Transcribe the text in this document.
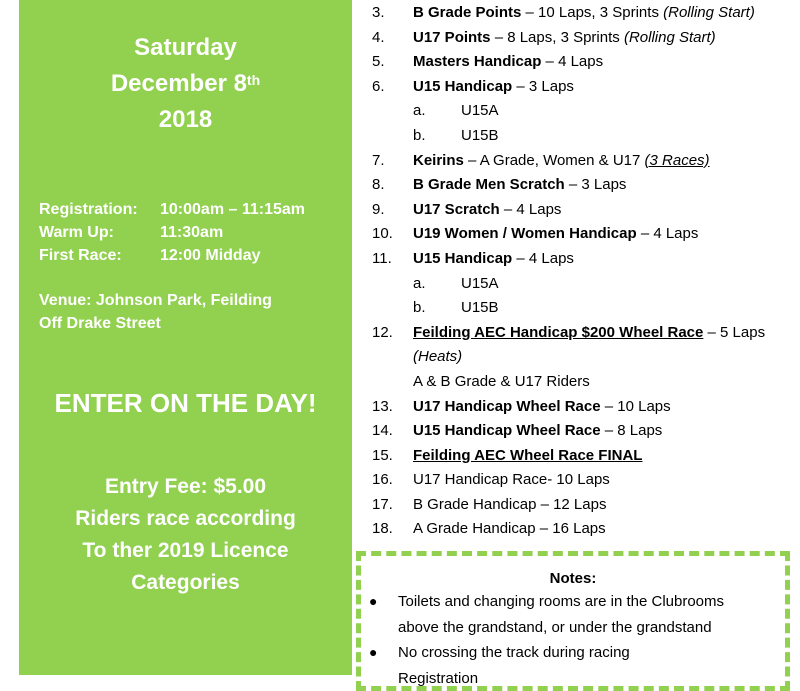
Saturday
December 8th
2018
Registration:	10:00am – 11:15am
Warm Up:	11:30am
First Race:	12:00 Midday
Venue: Johnson Park, Feilding
Off Drake Street
ENTER ON THE DAY!
Entry Fee: $5.00
Riders race according
To ther 2019 Licence
Categories
3.	B Grade Points – 10 Laps, 3 Sprints (Rolling Start)
4.	U17 Points – 8 Laps, 3 Sprints (Rolling Start)
5.	Masters Handicap – 4 Laps
6.	U15 Handicap – 3 Laps
a.	U15A
b.	U15B
7.	Keirins – A Grade, Women & U17 (3 Races)
8.	B Grade Men Scratch – 3 Laps
9.	U17 Scratch – 4 Laps
10.	U19 Women / Women Handicap – 4 Laps
11.	U15 Handicap – 4 Laps
a.	U15A
b.	U15B
12.	Feilding AEC Handicap $200 Wheel Race – 5 Laps
(Heats)
A & B Grade & U17 Riders
13.	U17 Handicap Wheel Race – 10 Laps
14.	U15 Handicap Wheel Race – 8 Laps
15.	Feilding AEC Wheel Race FINAL
16.	U17 Handicap Race- 10 Laps
17.	B Grade Handicap – 12 Laps
18.	A Grade Handicap – 16 Laps
Notes:
●	Toilets and changing rooms are in the Clubrooms
above the grandstand, or under the grandstand
●	No crossing the track during racing
Registration
